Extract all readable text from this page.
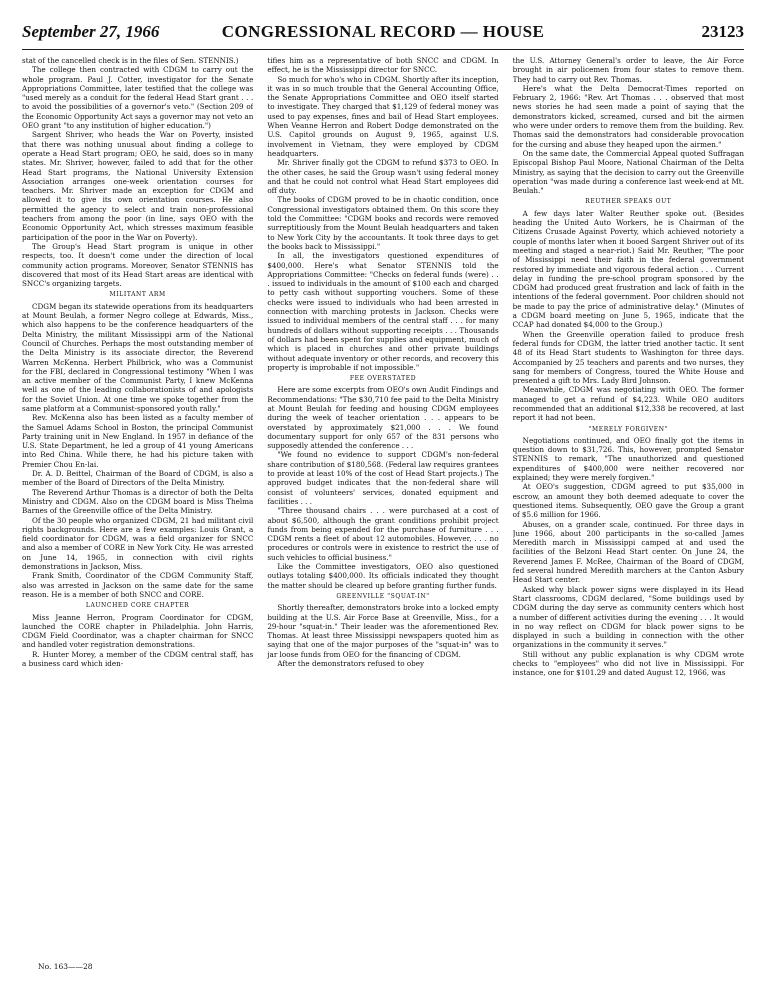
September 27, 1966	CONGRESSIONAL RECORD — HOUSE	23123

stat of the cancelled check is in the files of Sen. STENNIS.)

The college then contracted with CDGM to carry out the whole program. Paul J. Cotter, investigator for the Senate Appropriations Committee, later testified that the college was "used merely as a conduit for the federal Head Start grant . . . to avoid the possibilities of a governor's veto." (Section 209 of the Economic Opportunity Act says a governor may not veto an OEO grant "to any institution of higher education.")

Sargent Shriver, who heads the War on Poverty, insisted that there was nothing unusual about finding a college to operate a Head Start program; OEO, he said, does so in many states. Mr. Shriver, however, failed to add that for the other Head Start programs, the National University Extension Association arranges one-week orientation courses for teachers. Mr. Shriver made an exception for CDGM and allowed it to give its own orientation courses. He also permitted the agency to select and train non-professional teachers from among the poor (in line, says OEO with the Economic Opportunity Act, which stresses maximum feasible participation of the poor in the War on Poverty).

The Group's Head Start program is unique in other respects, too. It doesn't come under the direction of local community action programs. Moreover, Senator STENNIS has discovered that most of its Head Start areas are identical with SNCC's organizing targets.

MILITANT ARM

CDGM began its statewide operations from its headquarters at Mount Beulah, a former Negro college at Edwards, Miss., which also happens to be the conference headquarters of the Delta Ministry, the militant Mississippi arm of the National Council of Churches. Perhaps the most outstanding member of the Delta Ministry is its associate director, the Reverend Warren McKenna. Herbert Philbrick, who was a Communist for the FBI, declared in Congressional testimony "When I was an active member of the Communist Party, I knew McKenna well as one of the leading collaborationists of and apologists for the Soviet Union. At one time we spoke together from the same platform at a Communist-sponsored youth rally."

Rev. McKenna also has been listed as a faculty member of the Samuel Adams School in Boston, the principal Communist Party training unit in New England. In 1957 in defiance of the U.S. State Department, he led a group of 41 young Americans into Red China. While there, he had his picture taken with Premier Chou En-lai.

Dr. A. D. Beittel, Chairman of the Board of CDGM, is also a member of the Board of Directors of the Delta Ministry.

The Reverend Arthur Thomas is a director of both the Delta Ministry and CDGM. Also on the CDGM board is Miss Thelma Barnes of the Greenville office of the Delta Ministry.

Of the 30 people who organized CDGM, 21 had militant civil rights backgrounds. Here are a few examples: Louis Grant, a field coordinator for CDGM, was a field organizer for SNCC and also a member of CORE in New York City. He was arrested on June 14, 1965, in connection with civil rights demonstrations in Jackson, Miss.

Frank Smith, Coordinator of the CDGM Community Staff, also was arrested in Jackson on the same date for the same reason. He is a member of both SNCC and CORE.

LAUNCHED CORE CHAPTER

Miss Jeanne Herron, Program Coordinator for CDGM, launched the CORE chapter in Philadelphia. John Harris, CDGM Field Coordinator, was a chapter chairman for SNCC and handled voter registration demonstrations.

R. Hunter Morey, a member of the CDGM central staff, has a business card which iden-

tifies him as a representative of both SNCC and CDGM. In effect, he is the Mississippi director for SNCC.

So much for who's who in CDGM. Shortly after its inception, it was in so much trouble that the General Accounting Office, the Senate Appropriations Committee and OEO itself started to investigate. They charged that $1,129 of federal money was used to pay expenses, fines and bail of Head Start employees. When Veanne Herron and Robert Dodge demonstrated on the U.S. Capitol grounds on August 9, 1965, against U.S. involvement in Vietnam, they were employed by CDGM headquarters.

Mr. Shriver finally got the CDGM to refund $373 to OEO. In the other cases, he said the Group wasn't using federal money and that he could not control what Head Start employees did off duty.

The books of CDGM proved to be in chaotic condition, once Congressional investigators obtained them. On this score they told the Committee: "CDGM books and records were removed surreptitiously from the Mount Beulah headquarters and taken to New York City by the accountants. It took three days to get the books back to Mississippi."

In all, the investigators questioned expenditures of $400,000. Here's what Senator STENNIS told the Appropriations Committee: "Checks on federal funds (were) . . . issued to individuals in the amount of $100 each and charged to petty cash without supporting vouchers. Some of these checks were issued to individuals who had been arrested in connection with marching protests in Jackson. Checks were issued to individual members of the central staff . . . for many hundreds of dollars without supporting receipts . . . Thousands of dollars had been spent for supplies and equipment, much of which is placed in churches and other private buildings without adequate inventory or other records, and recovery this property is improbable if not impossible."

FEE OVERSTATED

Here are some excerpts from OEO's own Audit Findings and Recommendations: "The $30,710 fee paid to the Delta Ministry at Mount Beulah for feeding and housing CDGM employees during the week of teacher orientation . . . appears to be overstated by approximately $21,000 . . . We found documentary support for only 657 of the 831 persons who supposedly attended the conference . . .

"We found no evidence to support CDGM's non-federal share contribution of $180,568. (Federal law requires grantees to provide at least 10% of the cost of Head Start projects.) The approved budget indicates that the non-federal share will consist of volunteers' services, donated equipment and facilities . . .

"Three thousand chairs . . . were purchased at a cost of about $6,500, although the grant conditions prohibit project funds from being expended for the purchase of furniture . . . CDGM rents a fleet of about 12 automobiles. However, . . . no procedures or controls were in existence to restrict the use of such vehicles to official business."

Like the Committee investigators, OEO also questioned outlays totaling $400,000. Its officials indicated they thought the matter should be cleared up before granting further funds.

GREENVILLE "SQUAT-IN"

Shortly thereafter, demonstrators broke into a locked empty building at the U.S. Air Force Base at Greenville, Miss., for a 29-hour "squat-in." Their leader was the aforementioned Rev. Thomas. At least three Mississippi newspapers quoted him as saying that one of the major purposes of the "squat-in" was to jar loose funds from OEO for the financing of CDGM.

After the demonstrators refused to obey

the U.S. Attorney General's order to leave, the Air Force brought in air policemen from four states to remove them. They had to carry out Rev. Thomas.

Here's what the Delta Democrat-Times reported on February 2, 1966: "Rev. Art Thomas . . . observed that most news stories he had seen made a point of saying that the demonstrators kicked, screamed, cursed and bit the airmen who were under orders to remove them from the building. Rev. Thomas said the demonstrators had considerable provocation for the cursing and abuse they heaped upon the airmen."

On the same date, the Commercial Appeal quoted Suffragan Episcopal Bishop Paul Moore, National Chairman of the Delta Ministry, as saying that the decision to carry out the Greenville operation "was made during a conference last week-end at Mt. Beulah."

REUTHER SPEAKS OUT

A few days later Walter Reuther spoke out. (Besides heading the United Auto Workers, he is Chairman of the Citizens Crusade Against Poverty, which achieved notoriety a couple of months later when it booed Sargent Shriver out of its meeting and staged a near-riot.) Said Mr. Reuther, "The poor of Mississippi need their faith in the federal government restored by immediate and vigorous federal action . . . Current delay in funding the pre-school program sponsored by the CDGM had produced great frustration and lack of faith in the intentions of the federal government. Poor children should not be made to pay the price of administrative delay." (Minutes of a CDGM board meeting on June 5, 1965, indicate that the CCAP had donated $4,000 to the Group.)

When the Greenville operation failed to produce fresh federal funds for CDGM, the latter tried another tactic. It sent 48 of its Head Start students to Washington for three days. Accompanied by 25 teachers and parents and two nurses, they sang for members of Congress, toured the White House and presented a gift to Mrs. Lady Bird Johnson.

Meanwhile, CDGM was negotiating with OEO. The former managed to get a refund of $4,223. While OEO auditors recommended that an additional $12,338 be recovered, at last report it had not been.

"MERELY FORGIVEN"

Negotiations continued, and OEO finally got the items in question down to $31,726. This, however, prompted Senator STENNIS to remark, "The unauthorized and questioned expenditures of $400,000 were neither recovered nor explained; they were merely forgiven."

At OEO's suggestion, CDGM agreed to put $35,000 in escrow, an amount they both deemed adequate to cover the questioned items. Subsequently, OEO gave the Group a grant of $5.6 million for 1966.

Abuses, on a grander scale, continued. For three days in June 1966, about 200 participants in the so-called James Meredith march in Mississippi camped at and used the facilities of the Belzoni Head Start center. On June 24, the Reverend James F. McRee, Chairman of the Board of CDGM, fed several hundred Meredith marchers at the Canton Asbury Head Start center.

Asked why black power signs were displayed in its Head Start classrooms, CDGM declared, "Some buildings used by CDGM during the day serve as community centers which host a number of different activities during the evening . . . It would in no way reflect on CDGM for black power signs to be displayed in such a building in connection with the other organizations in the community it serves."

Still without any public explanation is why CDGM wrote checks to "employees" who did not live in Mississippi. For instance, one for $101.29 and dated August 12, 1966, was

No. 163——28
